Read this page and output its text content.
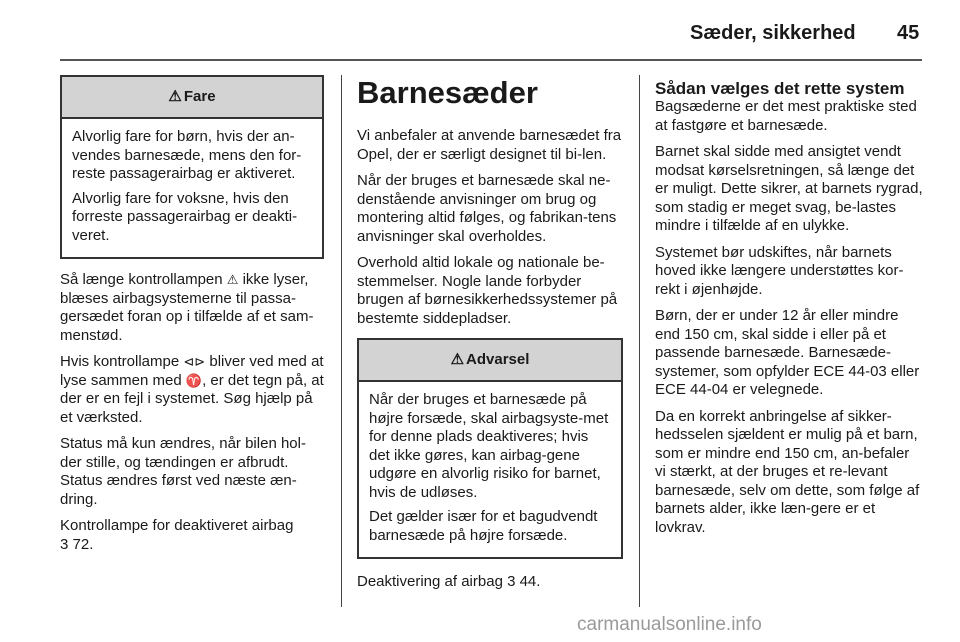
Sæder, sikkerhed 45
⚠ Fare

Alvorlig fare for børn, hvis der an-vendes barnesæde, mens den for-reste passagerairbag er aktiveret.

Alvorlig fare for voksne, hvis den forreste passagerairbag er deakti-veret.

Så længe kontrollampen ⚠ ikke lyser, blæses airbagsystemerne til passa-gersædet foran op i tilfælde af et sam-menstød.

Hvis kontrollampe ⊲⊳ bliver ved med at lyse sammen med ♈, er det tegn på, at der er en fejl i systemet. Søg hjælp på et værksted.

Status må kun ændres, når bilen hol-der stille, og tændingen er afbrudt. Status ændres først ved næste æn-dring.

Kontrollampe for deaktiveret airbag
3 72.

Barnesæder

Vi anbefaler at anvende barnesædet fra Opel, der er særligt designet til bi-len.

Når der bruges et barnesæde skal ne-denstående anvisninger om brug og montering altid følges, og fabrikan-tens anvisninger skal overholdes.

Overhold altid lokale og nationale be-stemmelser. Nogle lande forbyder brugen af børnesikkerhedssystemer på bestemte siddepladser.

⚠ Advarsel

Når der bruges et barnesæde på højre forsæde, skal airbagsyste-met for denne plads deaktiveres; hvis det ikke gøres, kan airbag-gene udgøre en alvorlig risiko for barnet, hvis de udløses.

Det gælder især for et bagudvendt barnesæde på højre forsæde.

Deaktivering af airbag 3 44.

Sådan vælges det rette system

Bagsæderne er det mest praktiske sted at fastgøre et barnesæde.

Barnet skal sidde med ansigtet vendt modsat kørselsretningen, så længe det er muligt. Dette sikrer, at barnets rygrad, som stadig er meget svag, be-lastes mindre i tilfælde af en ulykke.

Systemet bør udskiftes, når barnets hoved ikke længere understøttes kor-rekt i øjenhøjde.

Børn, der er under 12 år eller mindre end 150 cm, skal sidde i eller på et passende barnesæde. Barnesæde-systemer, som opfylder ECE 44-03 eller ECE 44-04 er velegnede.

Da en korrekt anbringelse af sikker-hedsselen sjældent er mulig på et barn, som er mindre end 150 cm, an-befaler vi stærkt, at der bruges et re-levant barnesæde, selv om dette, som følge af barnets alder, ikke læn-gere er et lovkrav.

carmanualsonline.info
